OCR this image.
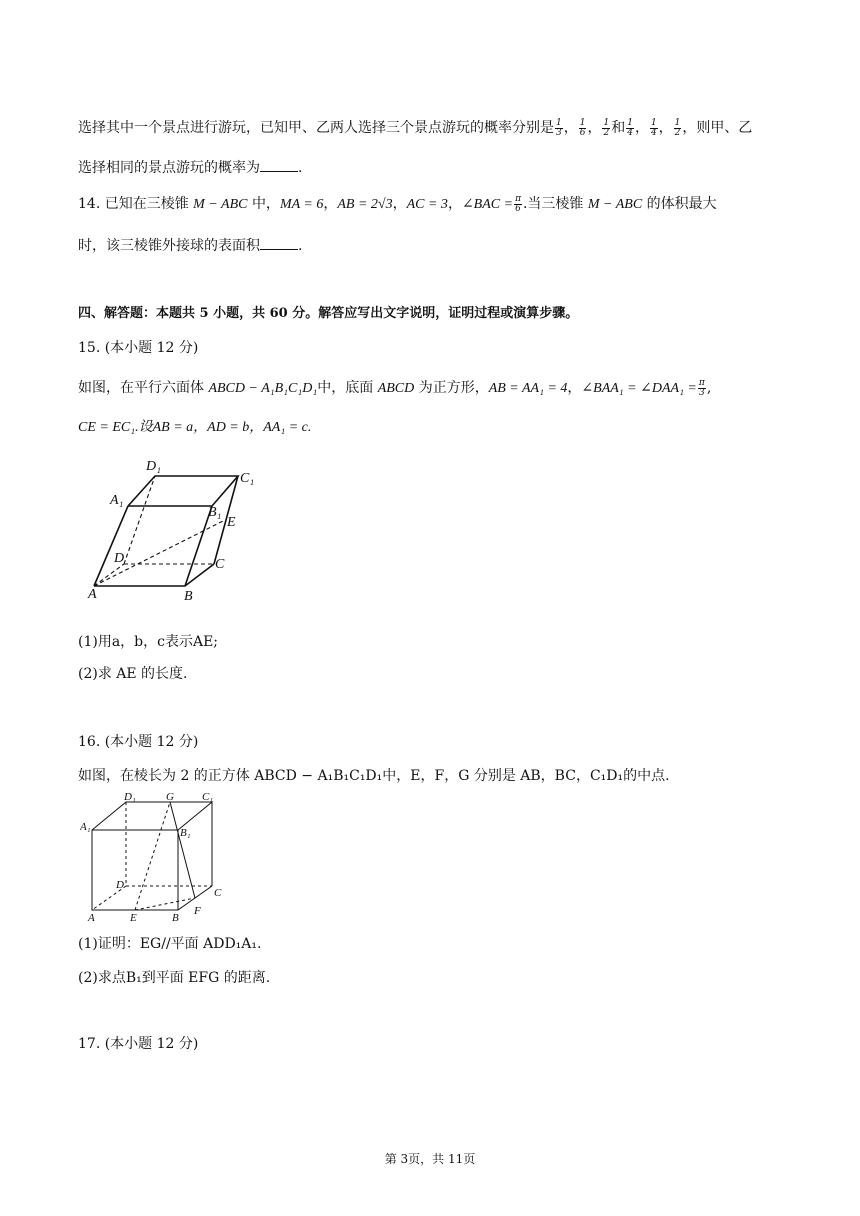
选择其中一个景点进行游玩，已知甲、乙两人选择三个景点游玩的概率分别是 $\frac{1}{3}$ ， $\frac{1}{6}$ ， $\frac{1}{2}$ 和 $\frac{1}{4}$ ， $\frac{1}{4}$ ， $\frac{1}{2}$ ，则甲、乙
选择相同的景点游玩的概率为	.
14. 已知在三棱锥 M − ABC 中，MA = 6，AB = 2√3，AC = 3，∠BAC = $\frac{\pi}{6}$ .当三棱锥 M − ABC 的体积最大
时，该三棱锥外接球的表面积	.
四、解答题：本题共 5 小题，共 60 分。解答应写出文字说明，证明过程或演算步骤。
15. (本小题 12 分)
如图，在平行六面体 ABCD − A₁B₁C₁D₁中，底面 ABCD 为正方形，AB = AA₁ = 4，∠BAA₁ = ∠DAA₁ = $\frac{\pi}{3}$ ,
CE = EC₁.设AB = a，AD = b，AA₁ = c.
D₁
C₁
A₁
B₁
E
D	C
A	B
(1)用a，b，c表示AE;
(2)求 AE 的长度.
16. (本小题 12 分)
如图，在棱长为 2 的正方体 ABCD − A₁B₁C₁D₁中，E，F，G 分别是 AB，BC，C₁D₁的中点.
D₁	G	C₁
A₁	B₁
D
C
A	E	B
F
(1)证明：EG//平面 ADD₁A₁.
(2)求点B₁到平面 EFG 的距离.
17. (本小题 12 分)
第 3页，共 11页
